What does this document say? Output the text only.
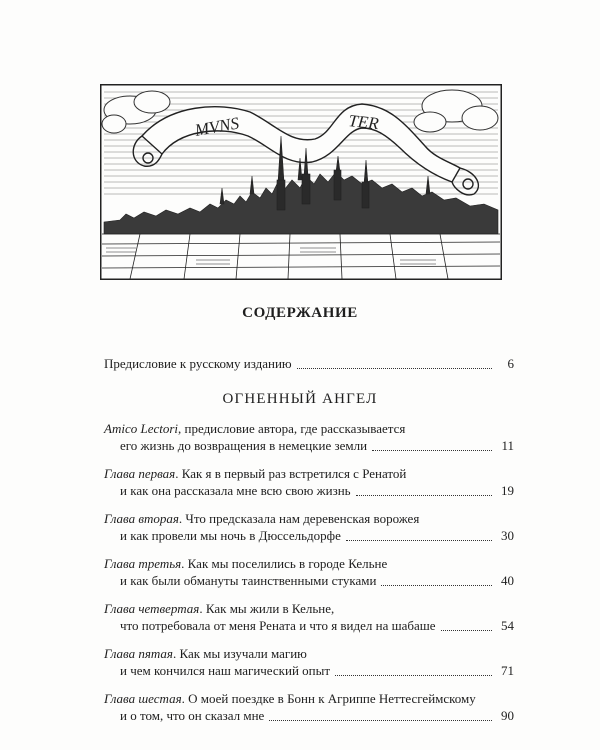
MVNS	TER
СОДЕРЖАНИЕ
Предисловие к русскому изданию	6
ОГНЕННЫЙ АНГЕЛ
Amico Lectori, предисловие автора, где рассказывается
его жизнь до возвращения в немецкие земли	11
Глава первая. Как я в первый раз встретился с Ренатой
и как она рассказала мне всю свою жизнь	19
Глава вторая. Что предсказала нам деревенская ворожея
и как провели мы ночь в Дюссельдорфе	30
Глава третья. Как мы поселились в городе Кельне
и как были обмануты таинственными стуками	40
Глава четвертая. Как мы жили в Кельне,
что потребовала от меня Рената и что я видел на шабаше	54
Глава пятая. Как мы изучали магию
и чем кончился наш магический опыт	71
Глава шестая. О моей поездке в Бонн к Агриппе Неттесгеймскому
и о том, что он сказал мне	90
